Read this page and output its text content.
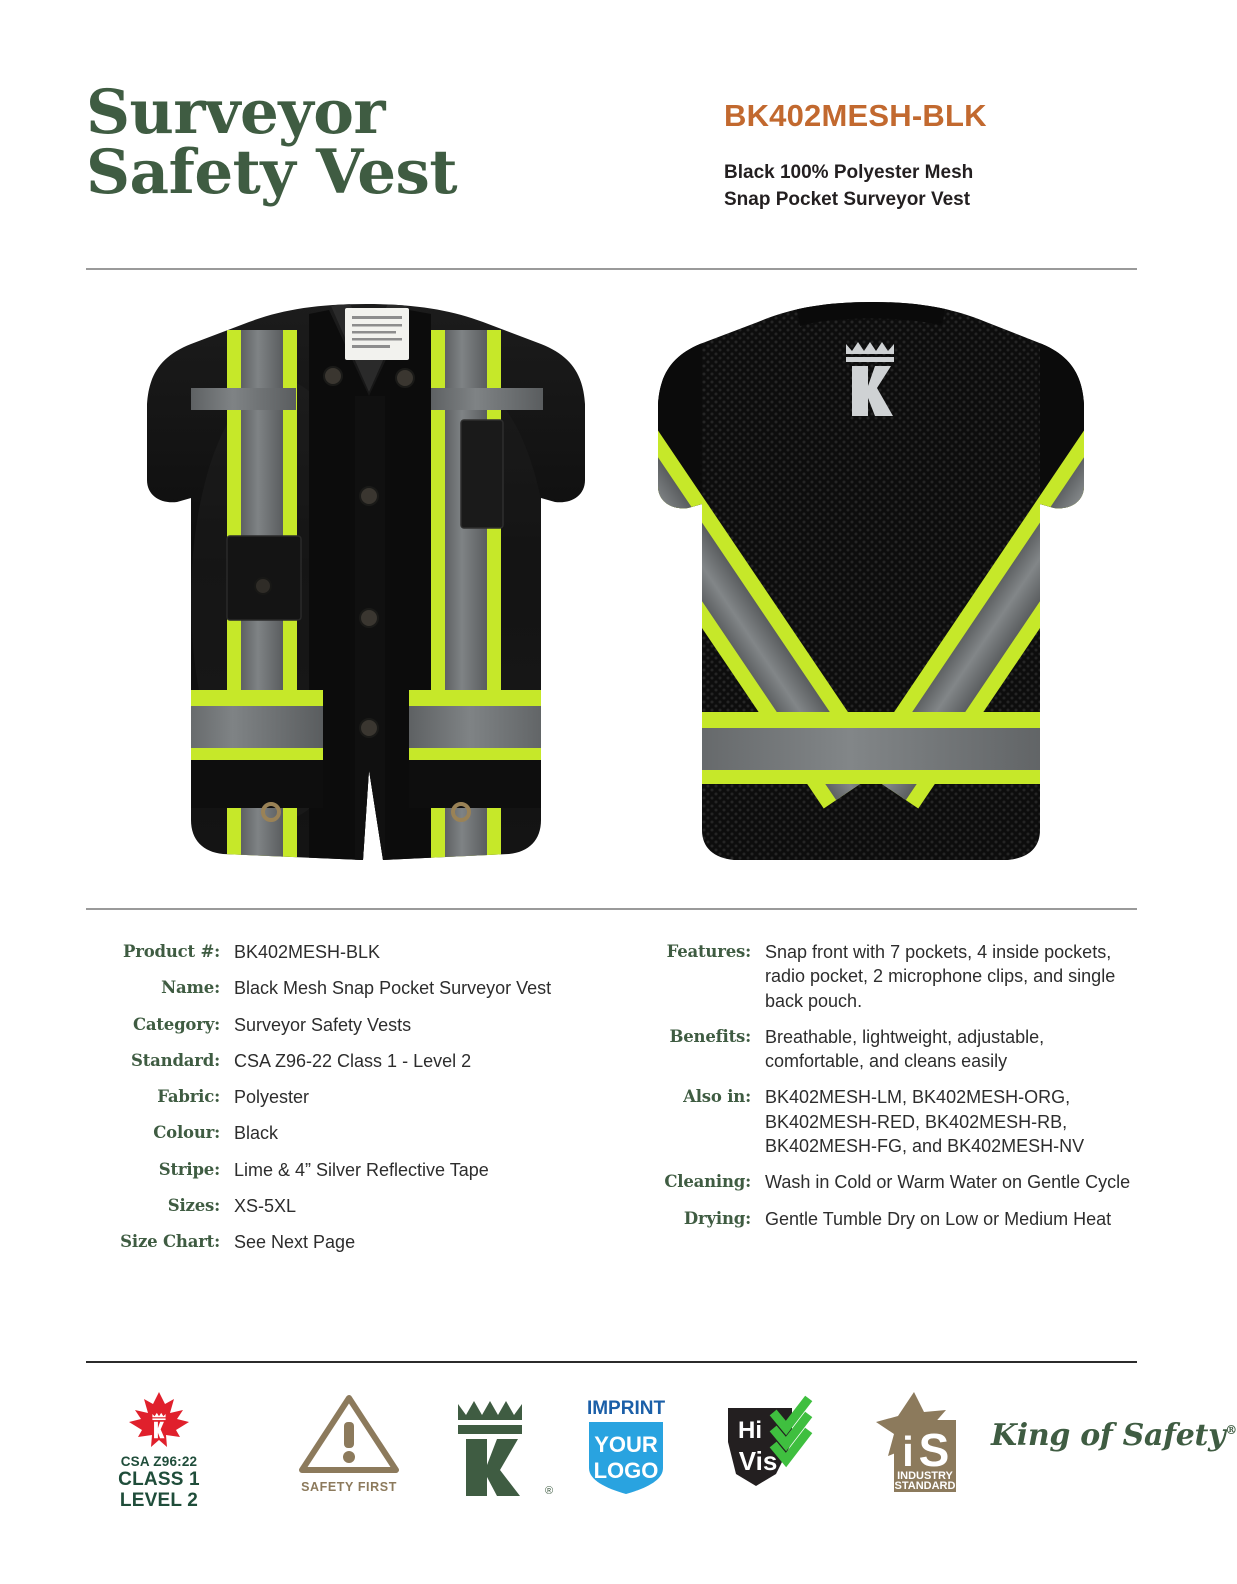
Surveyor
Safety Vest
BK402MESH-BLK
Black 100% Polyester Mesh
Snap Pocket Surveyor Vest
Product #: BK402MESH-BLK
Name: Black Mesh Snap Pocket Surveyor Vest
Category: Surveyor Safety Vests
Standard: CSA Z96-22 Class 1 - Level 2
Fabric: Polyester
Colour: Black
Stripe: Lime & 4” Silver Reflective Tape
Sizes: XS-5XL
Size Chart: See Next Page
Features: Snap front with 7 pockets, 4 inside pockets,
radio pocket, 2 microphone clips, and single
back pouch.
Benefits: Breathable, lightweight, adjustable,
comfortable, and cleans easily
Also in: BK402MESH-LM, BK402MESH-ORG,
BK402MESH-RED, BK402MESH-RB,
BK402MESH-FG, and BK402MESH-NV
Cleaning: Wash in Cold or Warm Water on Gentle Cycle
Drying: Gentle Tumble Dry on Low or Medium Heat
CSA Z96:22
CLASS 1
LEVEL 2
SAFETY FIRST	®
IMPRINT
YOUR
LOGO
Hi
Vis	i S
INDUSTRY
STANDARD
King of Safety®
